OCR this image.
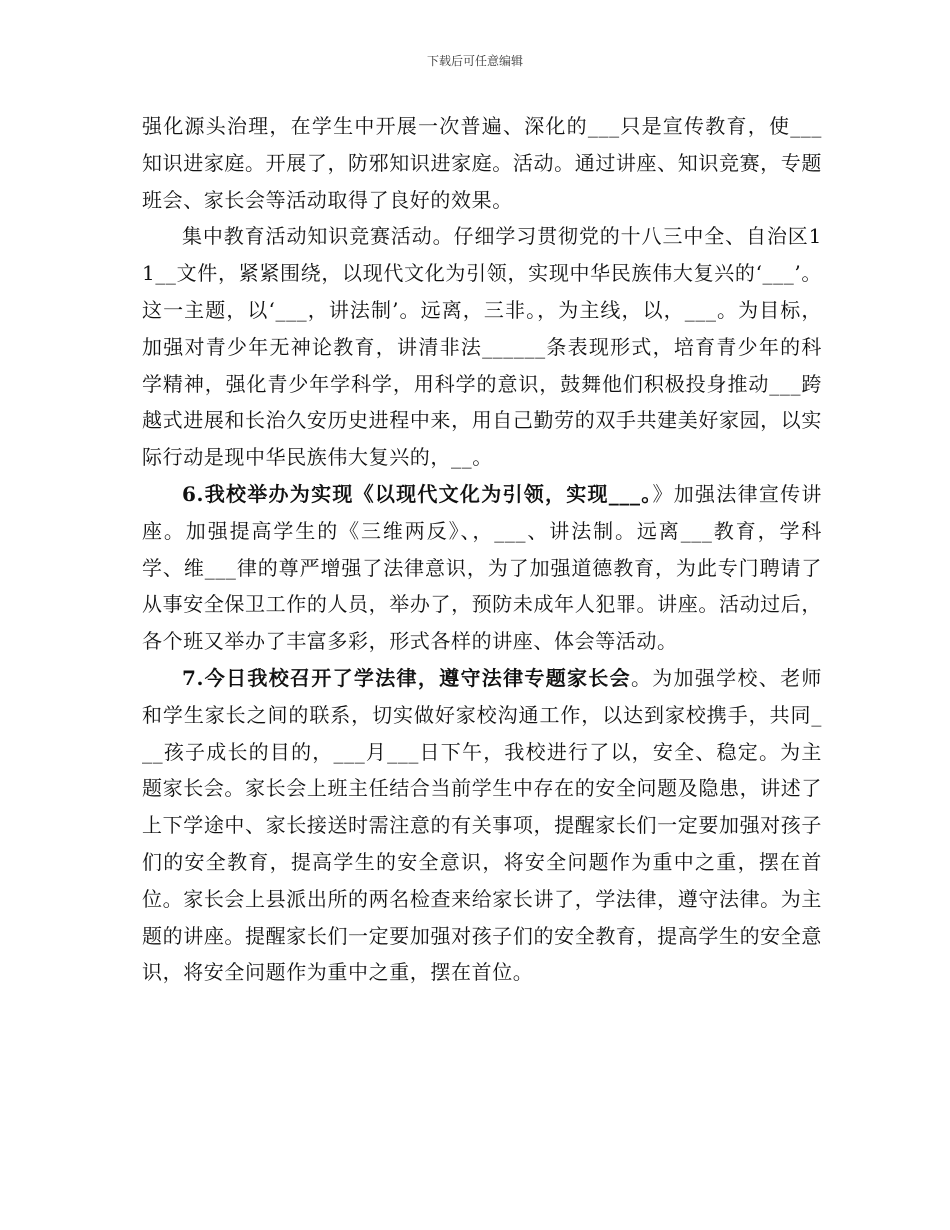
下载后可任意编辑

强化源头治理，在学生中开展一次普遍、深化的___只是宣传教育，使___知识进家庭。开展了，防邪知识进家庭。活动。通过讲座、知识竞赛，专题班会、家长会等活动取得了良好的效果。

集中教育活动知识竞赛活动。仔细学习贯彻党的十八三中全、自治区11__文件，紧紧围绕，以现代文化为引领，实现中华民族伟大复兴的‘___’。这一主题，以‘___，讲法制’。远离，三非。，为主线，以，___。为目标，加强对青少年无神论教育，讲清非法______条表现形式，培育青少年的科学精神，强化青少年学科学，用科学的意识，鼓舞他们积极投身推动___跨越式进展和长治久安历史进程中来，用自己勤劳的双手共建美好家园，以实际行动是现中华民族伟大复兴的，__。

6.我校举办为实现《以现代文化为引领，实现___。》加强法律宣传讲座。加强提高学生的《三维两反》、，___、讲法制。远离___教育，学科学、维___律的尊严增强了法律意识，为了加强道德教育，为此专门聘请了从事安全保卫工作的人员，举办了，预防未成年人犯罪。讲座。活动过后，各个班又举办了丰富多彩，形式各样的讲座、体会等活动。

7.今日我校召开了学法律，遵守法律专题家长会。为加强学校、老师和学生家长之间的联系，切实做好家校沟通工作，以达到家校携手，共同___孩子成长的目的，___月___日下午，我校进行了以，安全、稳定。为主题家长会。家长会上班主任结合当前学生中存在的安全问题及隐患，讲述了上下学途中、家长接送时需注意的有关事项，提醒家长们一定要加强对孩子们的安全教育，提高学生的安全意识，将安全问题作为重中之重，摆在首位。家长会上县派出所的两名检查来给家长讲了，学法律，遵守法律。为主题的讲座。提醒家长们一定要加强对孩子们的安全教育，提高学生的安全意识，将安全问题作为重中之重，摆在首位。
